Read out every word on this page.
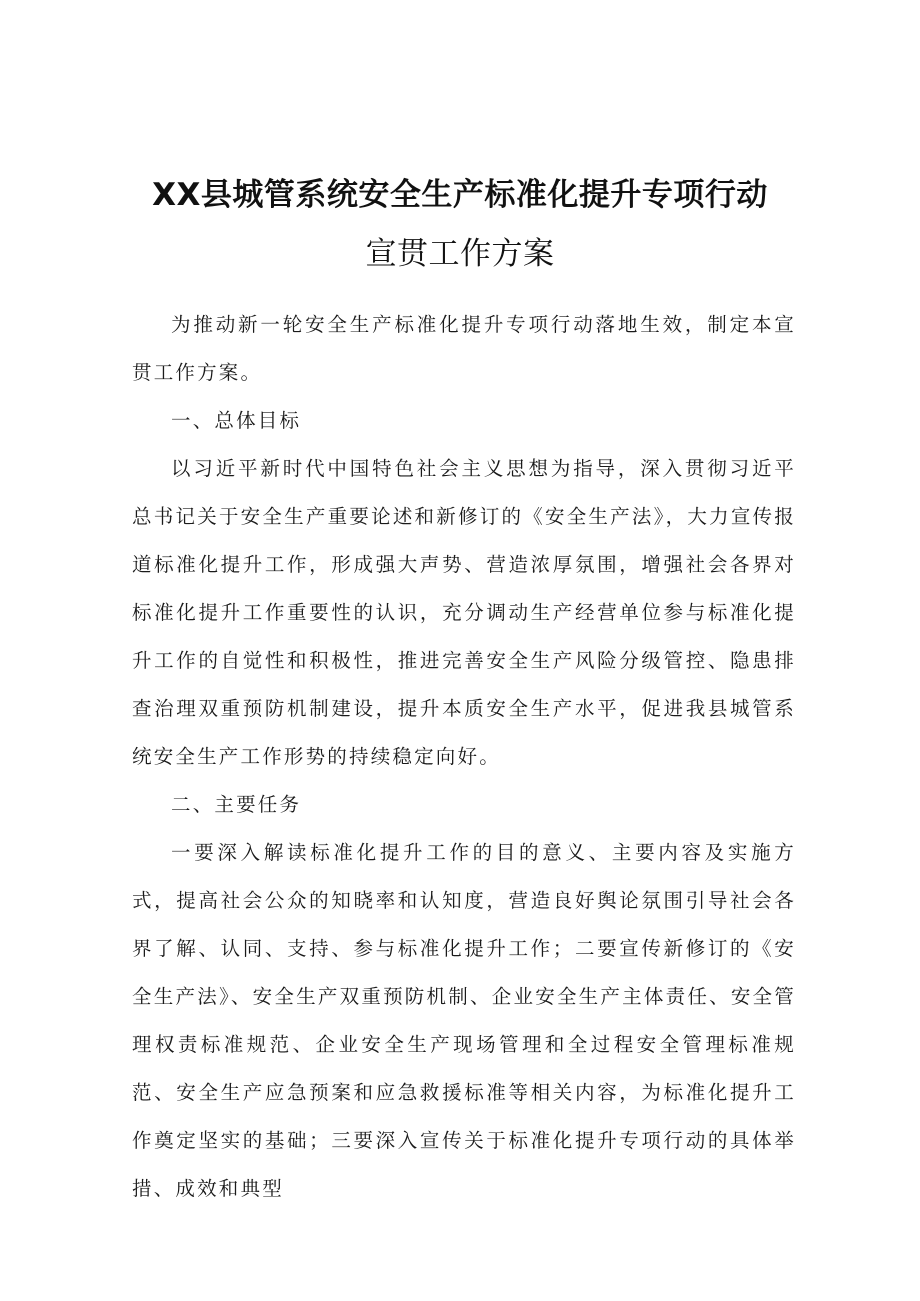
XX县城管系统安全生产标准化提升专项行动
宣贯工作方案

为推动新一轮安全生产标准化提升专项行动落地生效，制定本宣贯工作方案。

一、总体目标

以习近平新时代中国特色社会主义思想为指导，深入贯彻习近平总书记关于安全生产重要论述和新修订的《安全生产法》，大力宣传报道标准化提升工作，形成强大声势、营造浓厚氛围，增强社会各界对标准化提升工作重要性的认识，充分调动生产经营单位参与标准化提升工作的自觉性和积极性，推进完善安全生产风险分级管控、隐患排查治理双重预防机制建设，提升本质安全生产水平，促进我县城管系统安全生产工作形势的持续稳定向好。

二、主要任务

一要深入解读标准化提升工作的目的意义、主要内容及实施方式，提高社会公众的知晓率和认知度，营造良好舆论氛围引导社会各界了解、认同、支持、参与标准化提升工作；二要宣传新修订的《安全生产法》、安全生产双重预防机制、企业安全生产主体责任、安全管理权责标准规范、企业安全生产现场管理和全过程安全管理标准规范、安全生产应急预案和应急救援标准等相关内容，为标准化提升工作奠定坚实的基础；三要深入宣传关于标准化提升专项行动的具体举措、成效和典型
